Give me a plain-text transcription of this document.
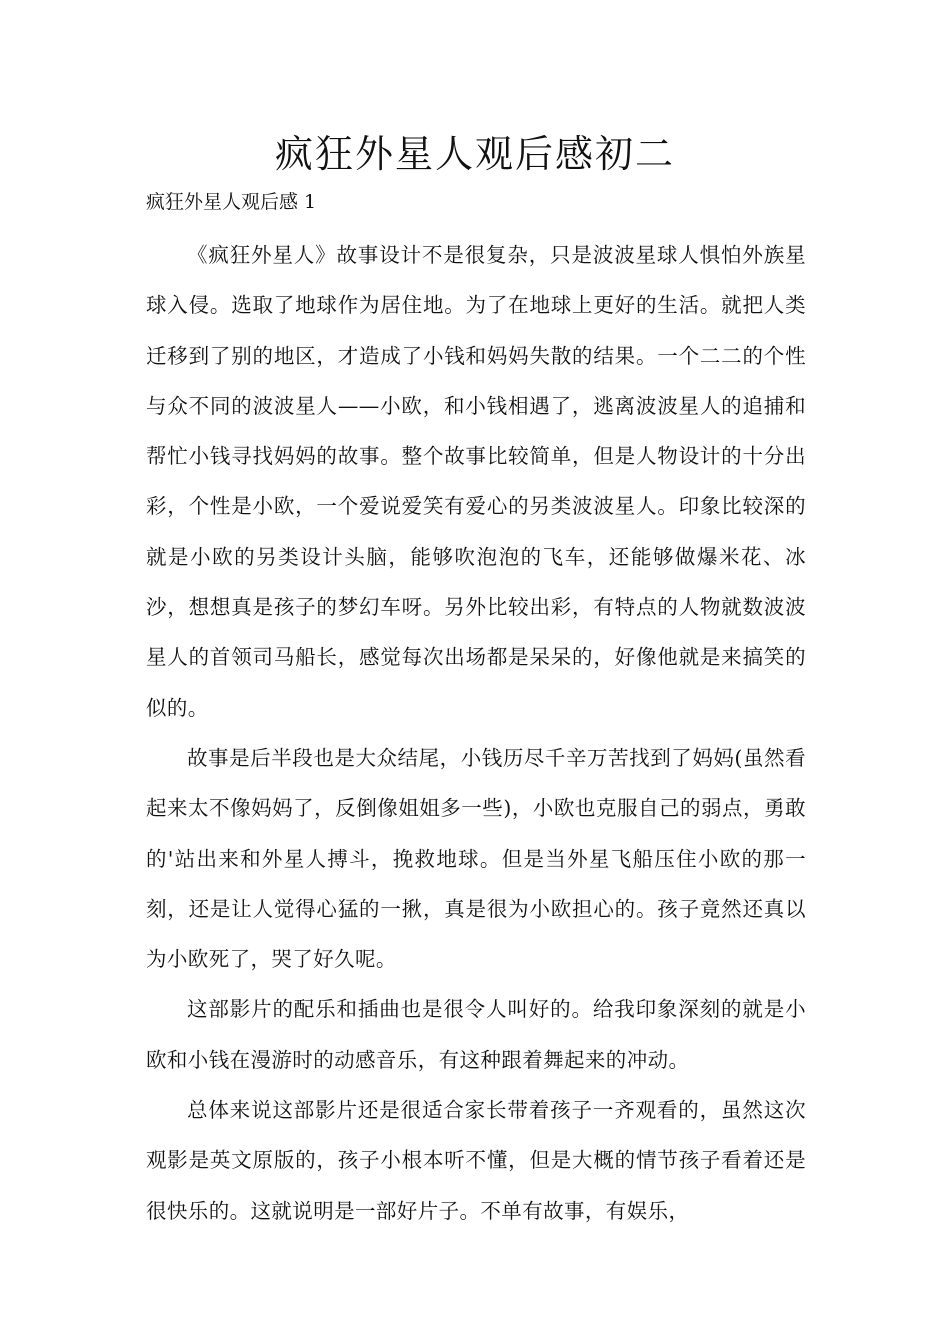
疯狂外星人观后感初二

疯狂外星人观后感 1

《疯狂外星人》故事设计不是很复杂，只是波波星球人惧怕外族星球入侵。选取了地球作为居住地。为了在地球上更好的生活。就把人类迁移到了别的地区，才造成了小钱和妈妈失散的结果。一个二二的个性与众不同的波波星人——小欧，和小钱相遇了，逃离波波星人的追捕和帮忙小钱寻找妈妈的故事。整个故事比较简单，但是人物设计的十分出彩，个性是小欧，一个爱说爱笑有爱心的另类波波星人。印象比较深的就是小欧的另类设计头脑，能够吹泡泡的飞车，还能够做爆米花、冰沙，想想真是孩子的梦幻车呀。另外比较出彩，有特点的人物就数波波星人的首领司马船长，感觉每次出场都是呆呆的，好像他就是来搞笑的似的。

故事是后半段也是大众结尾，小钱历尽千辛万苦找到了妈妈(虽然看起来太不像妈妈了，反倒像姐姐多一些)，小欧也克服自己的弱点，勇敢的'站出来和外星人搏斗，挽救地球。但是当外星飞船压住小欧的那一刻，还是让人觉得心猛的一揪，真是很为小欧担心的。孩子竟然还真以为小欧死了，哭了好久呢。

这部影片的配乐和插曲也是很令人叫好的。给我印象深刻的就是小欧和小钱在漫游时的动感音乐，有这种跟着舞起来的冲动。

总体来说这部影片还是很适合家长带着孩子一齐观看的，虽然这次观影是英文原版的，孩子小根本听不懂，但是大概的情节孩子看着还是很快乐的。这就说明是一部好片子。不单有故事，有娱乐，
